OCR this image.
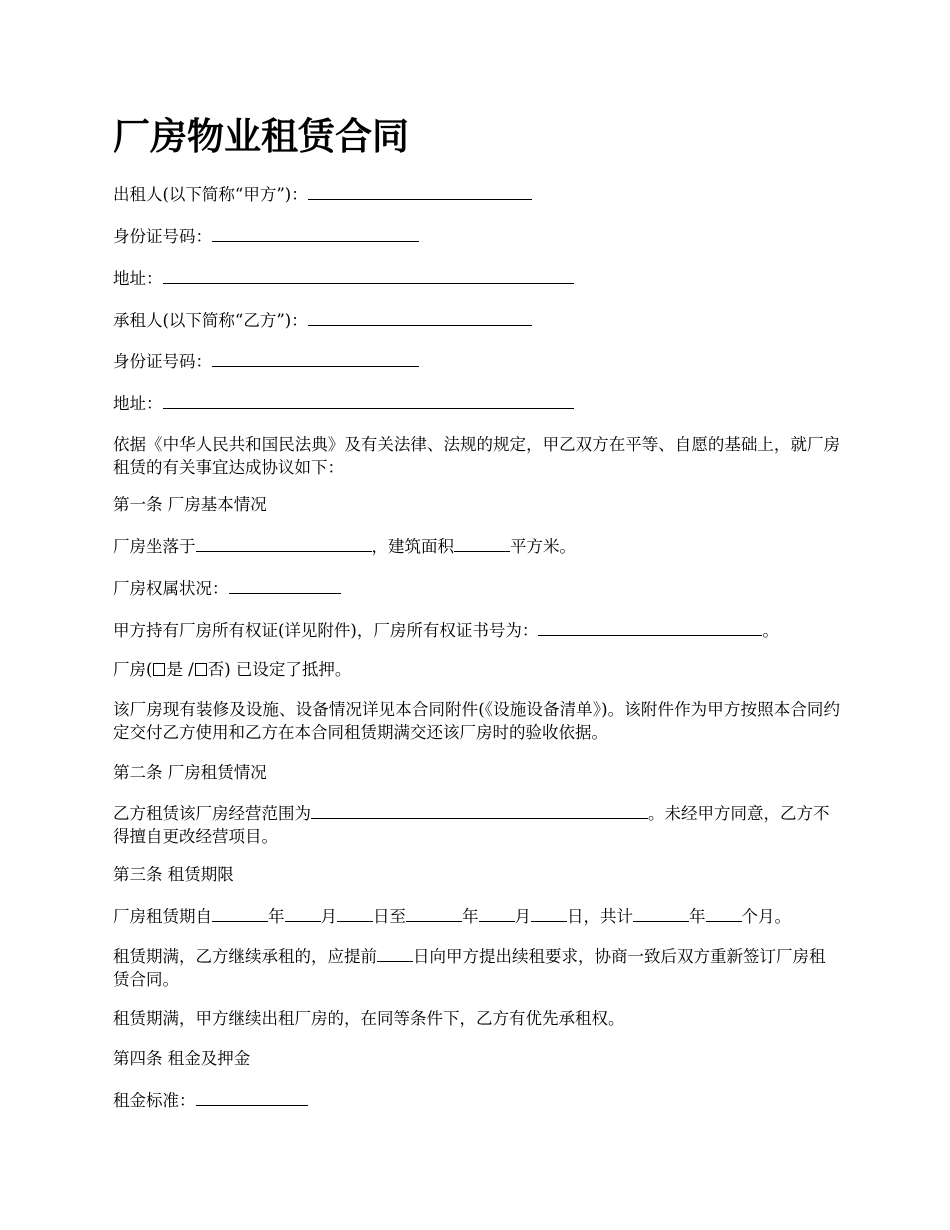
厂房物业租赁合同

出租人(以下简称“甲方”)：

身份证号码：

地址：

承租人(以下简称“乙方”)：

身份证号码：

地址：

依据《中华人民共和国民法典》及有关法律、法规的规定，甲乙双方在平等、自愿的基础上，就厂房租赁的有关事宜达成协议如下：

第一条 厂房基本情况

厂房坐落于	，建筑面积	平方米。

厂房权属状况：

甲方持有厂房所有权证(详见附件)，厂房所有权证书号为：	。

厂房( 是 / 否) 已设定了抵押。

该厂房现有装修及设施、设备情况详见本合同附件(《设施设备清单》)。该附件作为甲方按照本合同约定交付乙方使用和乙方在本合同租赁期满交还该厂房时的验收依据。

第二条 厂房租赁情况

乙方租赁该厂房经营范围为	。未经甲方同意，乙方不得擅自更改经营项目。

第三条 租赁期限

厂房租赁期自	年 月 日至	年 月 日，共计	年 个月。

租赁期满，乙方继续承租的，应提前 日向甲方提出续租要求，协商一致后双方重新签订厂房租赁合同。

租赁期满，甲方继续出租厂房的，在同等条件下，乙方有优先承租权。

第四条 租金及押金

租金标准：
